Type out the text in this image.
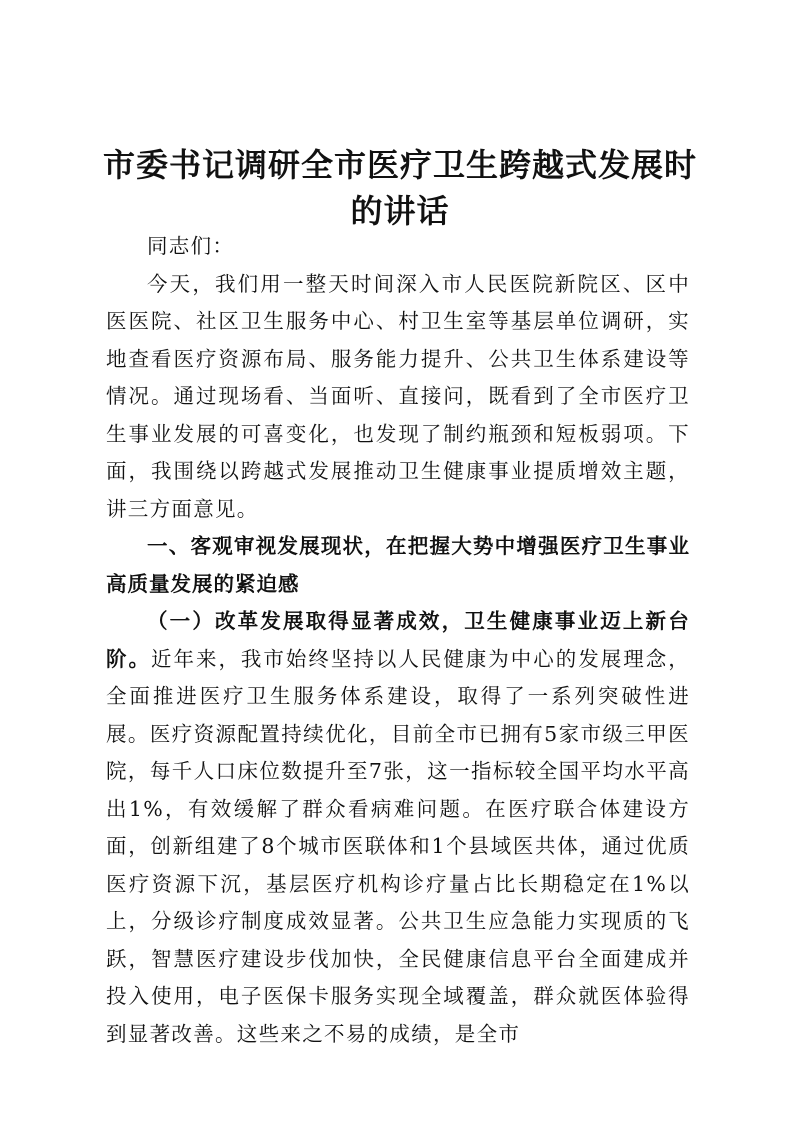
市委书记调研全市医疗卫生跨越式发展时的讲话

同志们：

今天，我们用一整天时间深入市人民医院新院区、区中医医院、社区卫生服务中心、村卫生室等基层单位调研，实地查看医疗资源布局、服务能力提升、公共卫生体系建设等情况。通过现场看、当面听、直接问，既看到了全市医疗卫生事业发展的可喜变化，也发现了制约瓶颈和短板弱项。下面，我围绕以跨越式发展推动卫生健康事业提质增效主题，讲三方面意见。

一、客观审视发展现状，在把握大势中增强医疗卫生事业高质量发展的紧迫感

（一）改革发展取得显著成效，卫生健康事业迈上新台阶。近年来，我市始终坚持以人民健康为中心的发展理念，全面推进医疗卫生服务体系建设，取得了一系列突破性进展。医疗资源配置持续优化，目前全市已拥有5家市级三甲医院，每千人口床位数提升至7张，这一指标较全国平均水平高出1%，有效缓解了群众看病难问题。在医疗联合体建设方面，创新组建了8个城市医联体和1个县域医共体，通过优质医疗资源下沉，基层医疗机构诊疗量占比长期稳定在1%以上，分级诊疗制度成效显著。公共卫生应急能力实现质的飞跃，智慧医疗建设步伐加快，全民健康信息平台全面建成并投入使用，电子医保卡服务实现全域覆盖，群众就医体验得到显著改善。这些来之不易的成绩，是全市
